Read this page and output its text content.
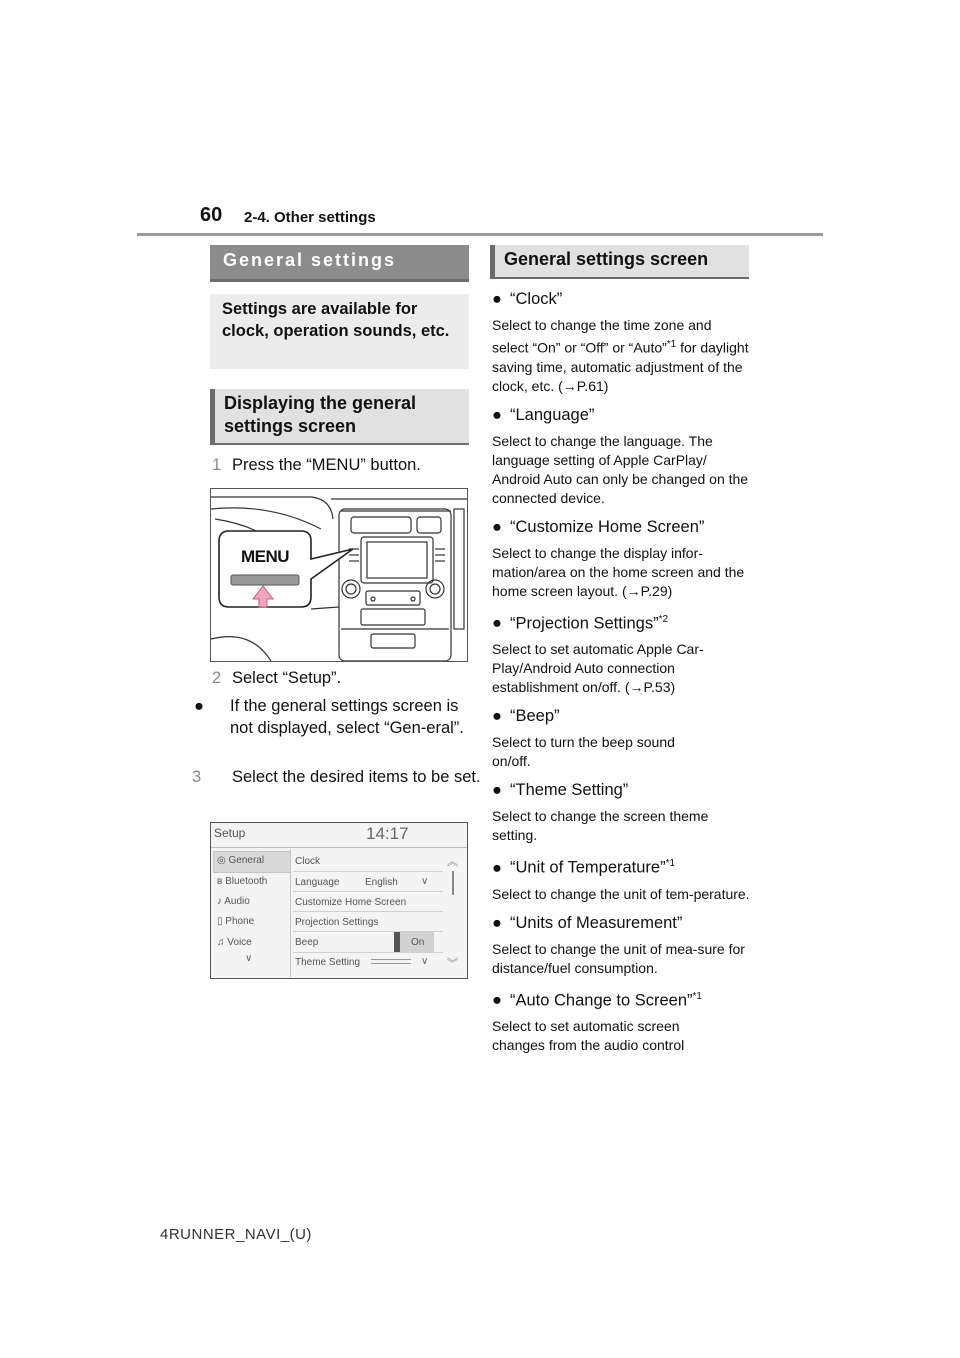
60 2-4. Other settings
General settings
Settings are available for clock, operation sounds, etc.
Displaying the general settings screen
1 Press the “MENU” button.
MENU
2 Select “Setup”.
● If the general settings screen is not displayed, select “Gen-eral”.
3 Select the desired items to be set.
Setup	14:17
◎ General
ʙ Bluetooth
♪ Audio
▯ Phone
♫ Voice
∨
Clock
Language	English ∨
Customize Home Screen
Projection Settings
Beep	On
Theme Setting	∨
︽
︾
General settings screen
● “Clock”
Select to change the time zone and select “On” or “Off” or “Auto”$^{*1}$ for daylight saving time, automatic adjustment of the clock, etc. (→P.61)
● “Language”
Select to change the language. The language setting of Apple CarPlay/ Android Auto can only be changed on the connected device.
● “Customize Home Screen”
Select to change the display infor-mation/area on the home screen and the home screen layout. (→P.29)
● “Projection Settings”$^{*2}$
Select to set automatic Apple Car-Play/Android Auto connection establishment on/off. (→P.53)
● “Beep”
Select to turn the beep sound on/off.
● “Theme Setting”
Select to change the screen theme setting.
● “Unit of Temperature”$^{*1}$
Select to change the unit of tem-perature.
● “Units of Measurement”
Select to change the unit of mea-sure for distance/fuel consumption.
● “Auto Change to Screen”$^{*1}$
Select to set automatic screen changes from the audio control
4RUNNER_NAVI_(U)
